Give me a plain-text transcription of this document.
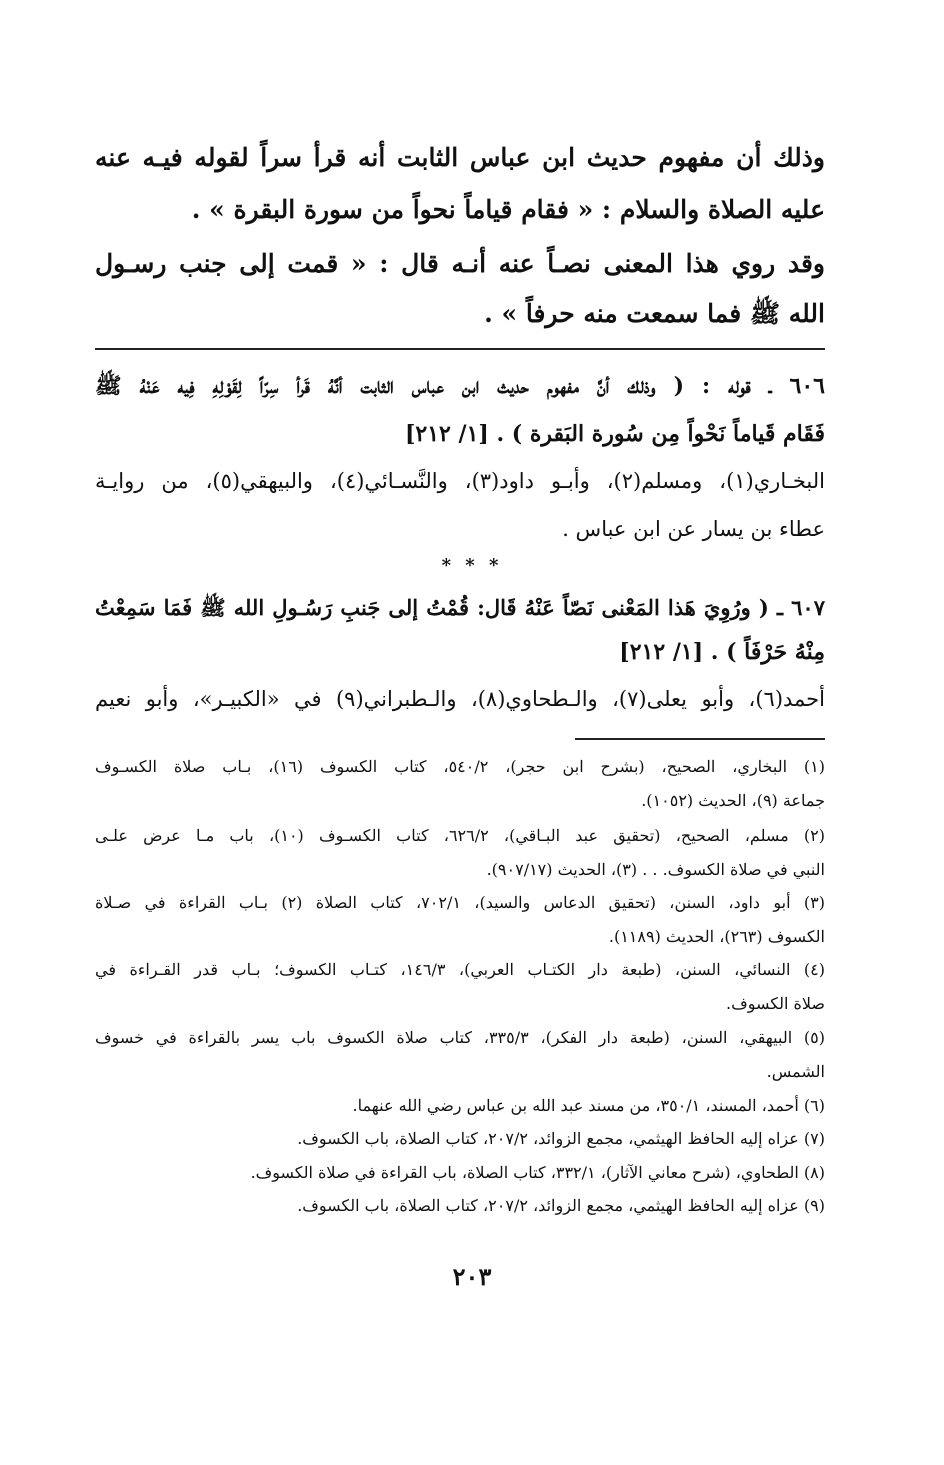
وذلك أن مفهوم حديث ابن عباس الثابت أنه قرأ سراً لقوله فيـه عنه
عليه الصلاة والسلام : « فقام قياماً نحواً من سورة البقرة » .
وقد روي هذا المعنى نصـاً عنه أنـه قال : « قمت إلى جنب رسـول
الله ﷺ فما سمعت منه حرفاً » .
٦٠٦ ـ قوله : ( وذلك أنَّ مفهوم حديث ابن عباس الثابت أنَّهُ قَرأ سِرّاً لِقَوْلِهِ فِيه عَنْهُ ﷺ
فَقَام قَياماً نَحْواً مِن سُورة البَقرة ) . [١/ ٢١٢]
البخـاري(١)، ومسلم(٢)، وأبـو داود(٣)، والنَّسـائي(٤)، والبيهقي(٥)، من روايـة
عطاء بن يسار عن ابن عباس .
* * *
٦٠٧ ـ ( ورُوِيَ هَذا المَعْنى نَصّاً عَنْهُ قَال: قُمْتُ إلى جَنبِ رَسُـولِ الله ﷺ فَمَا سَمِعْتُ
مِنْهُ حَرْفَاً ) . [١/ ٢١٢]
أحمد(٦)، وأبو يعلى(٧)، والـطحاوي(٨)، والـطبراني(٩) في «الكبيـر»، وأبو نعيم
(١) البخاري، الصحيح، (بشرح ابن حجر)، ٥٤٠/٢، كتاب الكسوف (١٦)، بـاب صلاة الكسـوف
جماعة (٩)، الحديث (١٠٥٢).
(٢) مسلم، الصحيح، (تحقيق عبد البـاقي)، ٦٢٦/٢، كتاب الكسـوف (١٠)، باب مـا عرض علـى
النبي في صلاة الكسوف. . . (٣)، الحديث (٩٠٧/١٧).
(٣) أبو داود، السنن، (تحقيق الدعاس والسيد)، ٧٠٢/١، كتاب الصلاة (٢) بـاب القراءة في صـلاة
الكسوف (٢٦٣)، الحديث (١١٨٩).
(٤) النسائي، السنن، (طبعة دار الكتـاب العربي)، ١٤٦/٣، كتـاب الكسوف؛ بـاب قدر القـراءة في
صلاة الكسوف.
(٥) البيهقي، السنن، (طبعة دار الفكر)، ٣٣٥/٣، كتاب صلاة الكسوف باب يسر بالقراءة في خسوف
الشمس.
(٦) أحمد، المسند، ٣٥٠/١، من مسند عبد الله بن عباس رضي الله عنهما.
(٧) عزاه إليه الحافظ الهيثمي، مجمع الزوائد، ٢٠٧/٢، كتاب الصلاة، باب الكسوف.
(٨) الطحاوي، (شرح معاني الآثار)، ٣٣٢/١، كتاب الصلاة، باب القراءة في صلاة الكسوف.
(٩) عزاه إليه الحافظ الهيثمي، مجمع الزوائد، ٢٠٧/٢، كتاب الصلاة، باب الكسوف.
٢٠٣
